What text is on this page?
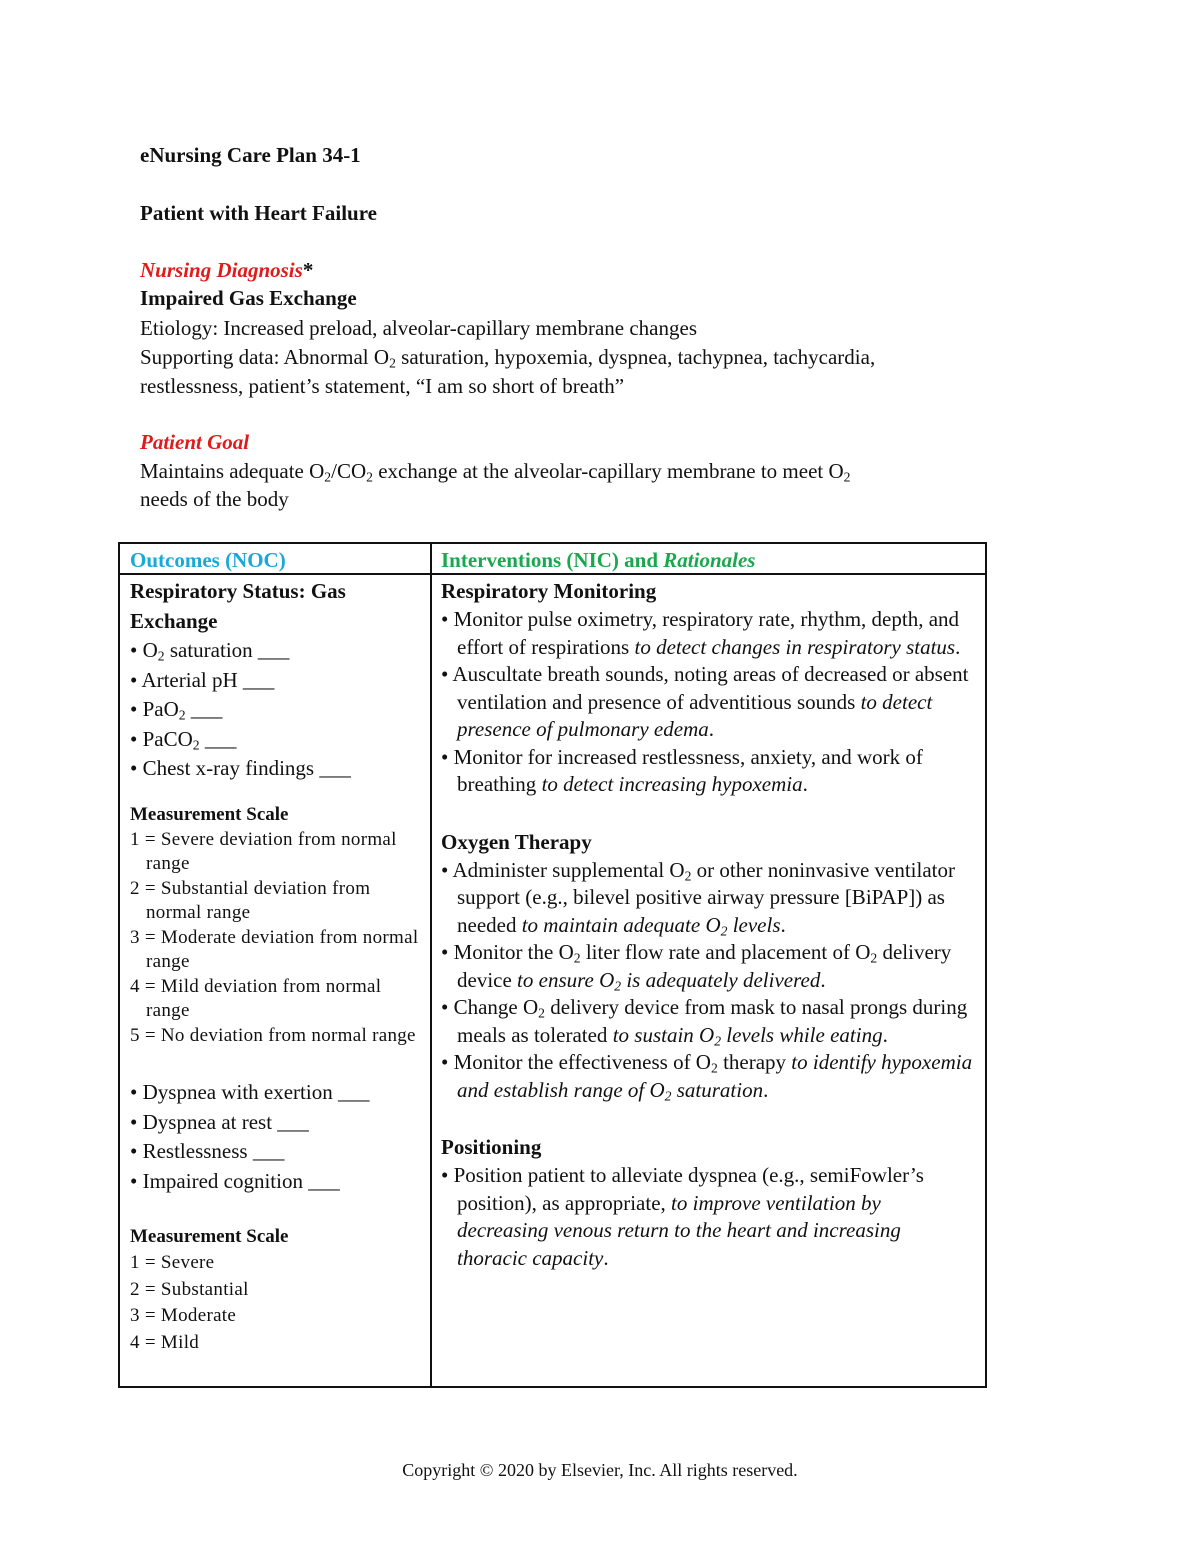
eNursing Care Plan 34-1
Patient with Heart Failure
Nursing Diagnosis*
Impaired Gas Exchange
Etiology: Increased preload, alveolar-capillary membrane changes
Supporting data: Abnormal $O_2$ saturation, hypoxemia, dyspnea, tachypnea, tachycardia,
restlessness, patient’s statement, “I am so short of breath”
Patient Goal
Maintains adequate $O_2/CO_2$ exchange at the alveolar-capillary membrane to meet $O_2$
needs of the body
Outcomes (NOC)	Interventions (NIC) and Rationales
Respiratory Status: Gas Exchange
• $O_2$ saturation ___
• Arterial pH ___
• PaO$_2$ ___
• PaCO$_2$ ___
• Chest x-ray findings ___
Measurement Scale
1 = Severe deviation from normal range
2 = Substantial deviation from normal range
3 = Moderate deviation from normal range
4 = Mild deviation from normal range
5 = No deviation from normal range
• Dyspnea with exertion ___
• Dyspnea at rest ___
• Restlessness ___
• Impaired cognition ___
Measurement Scale
1 = Severe
2 = Substantial
3 = Moderate
4 = Mild
Respiratory Monitoring
• Monitor pulse oximetry, respiratory rate, rhythm, depth, and effort of respirations to detect changes in respiratory status.
• Auscultate breath sounds, noting areas of decreased or absent ventilation and presence of adventitious sounds to detect presence of pulmonary edema.
• Monitor for increased restlessness, anxiety, and work of breathing to detect increasing hypoxemia.
Oxygen Therapy
• Administer supplemental $O_2$ or other noninvasive ventilator support (e.g., bilevel positive airway pressure [BiPAP]) as needed to maintain adequate $O_2$ levels.
• Monitor the $O_2$ liter flow rate and placement of $O_2$ delivery device to ensure $O_2$ is adequately delivered.
• Change $O_2$ delivery device from mask to nasal prongs during meals as tolerated to sustain $O_2$ levels while eating.
• Monitor the effectiveness of $O_2$ therapy to identify hypoxemia and establish range of $O_2$ saturation.
Positioning
• Position patient to alleviate dyspnea (e.g., semiFowler’s position), as appropriate, to improve ventilation by decreasing venous return to the heart and increasing thoracic capacity.
Copyright © 2020 by Elsevier, Inc. All rights reserved.
